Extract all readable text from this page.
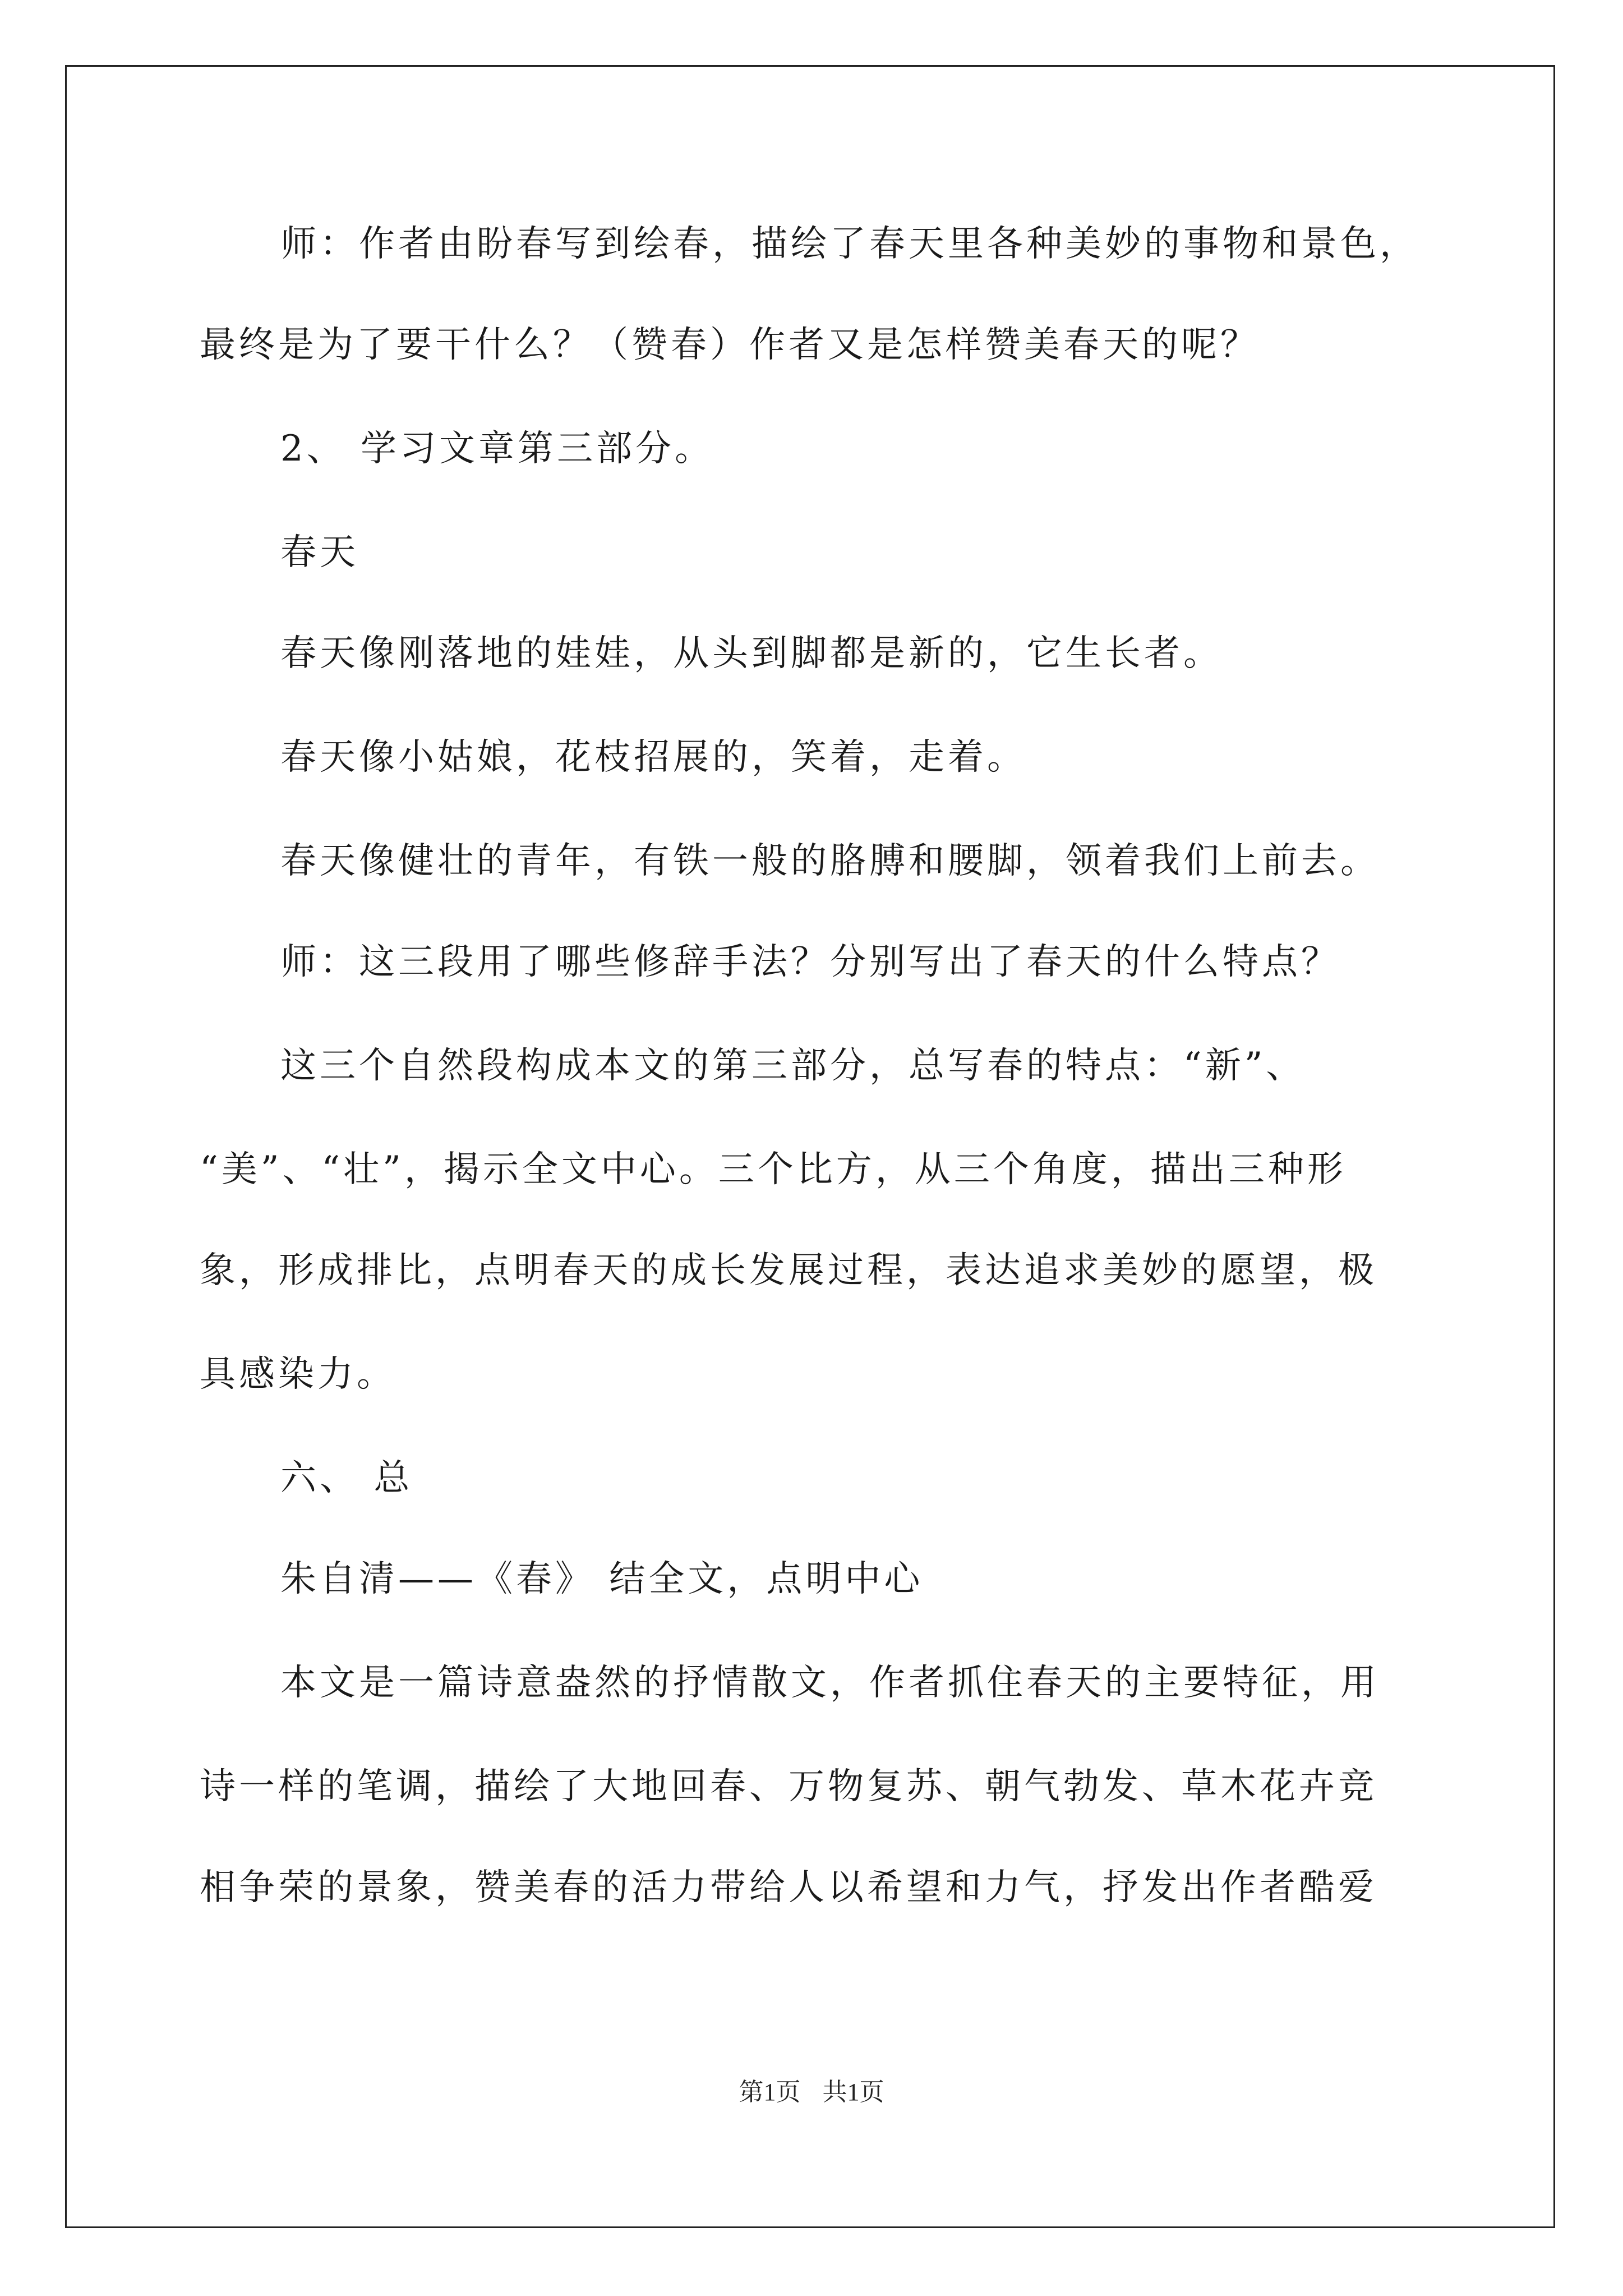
师：作者由盼春写到绘春，描绘了春天里各种美妙的事物和景色，
最终是为了要干什么？（赞春）作者又是怎样赞美春天的呢？
2、 学习文章第三部分。
春天
春天像刚落地的娃娃，从头到脚都是新的，它生长者。
春天像小姑娘，花枝招展的，笑着，走着。
春天像健壮的青年，有铁一般的胳膊和腰脚，领着我们上前去。
师：这三段用了哪些修辞手法？分别写出了春天的什么特点？
这三个自然段构成本文的第三部分，总写春的特点：“新”、
“美”、“壮”，揭示全文中心。三个比方，从三个角度，描出三种形
象，形成排比，点明春天的成长发展过程，表达追求美妙的愿望，极
具感染力。
六、 总
朱自清——《春》 结全文，点明中心
本文是一篇诗意盎然的抒情散文，作者抓住春天的主要特征，用
诗一样的笔调，描绘了大地回春、万物复苏、朝气勃发、草木花卉竞
相争荣的景象，赞美春的活力带给人以希望和力气，抒发出作者酷爱
第1页 共1页
